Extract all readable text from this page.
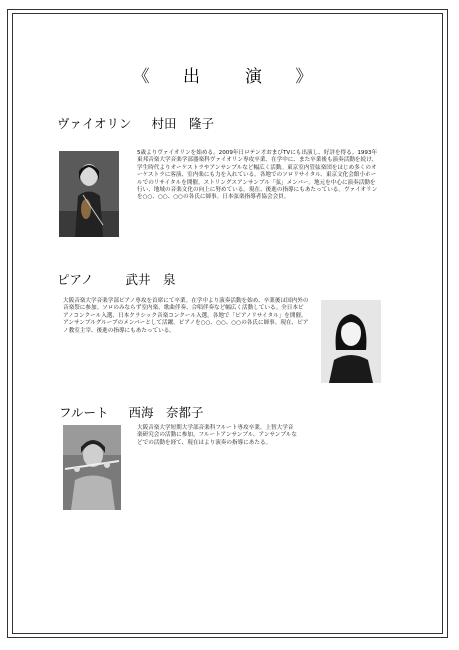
《 出　演 》
ヴァイオリン 村田　隆子
5歳よりヴァイオリンを始める。2009年日ロテン才おまびTVにも出演し、好評を得る。1993年東邦音楽大学音楽学部器楽科ヴァイオリン専攻卒業、在学中に、また卒業後も演奏活動を続け、学生時代よりオーケストラやアンサンブルなど幅広く活動。東京室内管弦楽団をはじめ多くのオーケストラに客演、室内楽にも力を入れている。各地でのソロリサイタル、東京文化会館小ホールでのリサイタルを開催。ストリングスアンサンブル「弦」メンバー。地元を中心に演奏活動を行い、地域の音楽文化の向上に努めている。現在、後進の指導にもあたっている。ヴァイオリンを○○、○○、○○の各氏に師事。日本弦楽指導者協会会員。
ピアノ	武井　泉
大阪音楽大学音楽学部ピアノ専攻を首席にて卒業。在学中より演奏活動を始め、卒業後は国内外の音楽祭に参加。ソロのみならず室内楽、歌曲伴奏、合唱伴奏など幅広く活動している。全日本ピアノコンクール入選、日本クラシック音楽コンクール入選。各地で「ピアノリサイタル」を開催。アンサンブルグループのメンバーとして活躍。ピアノを○○、○○、○○の各氏に師事。現在、ピアノ教室主宰、後進の指導にもあたっている。
フルート 西海　奈都子
大阪音楽大学短期大学部音楽科フルート専攻卒業。上智大学音楽研究会の活動に参加。フルートアンサンブル、アンサンブルなどでの活動を経て、現在はより演奏の指導にあたる。
